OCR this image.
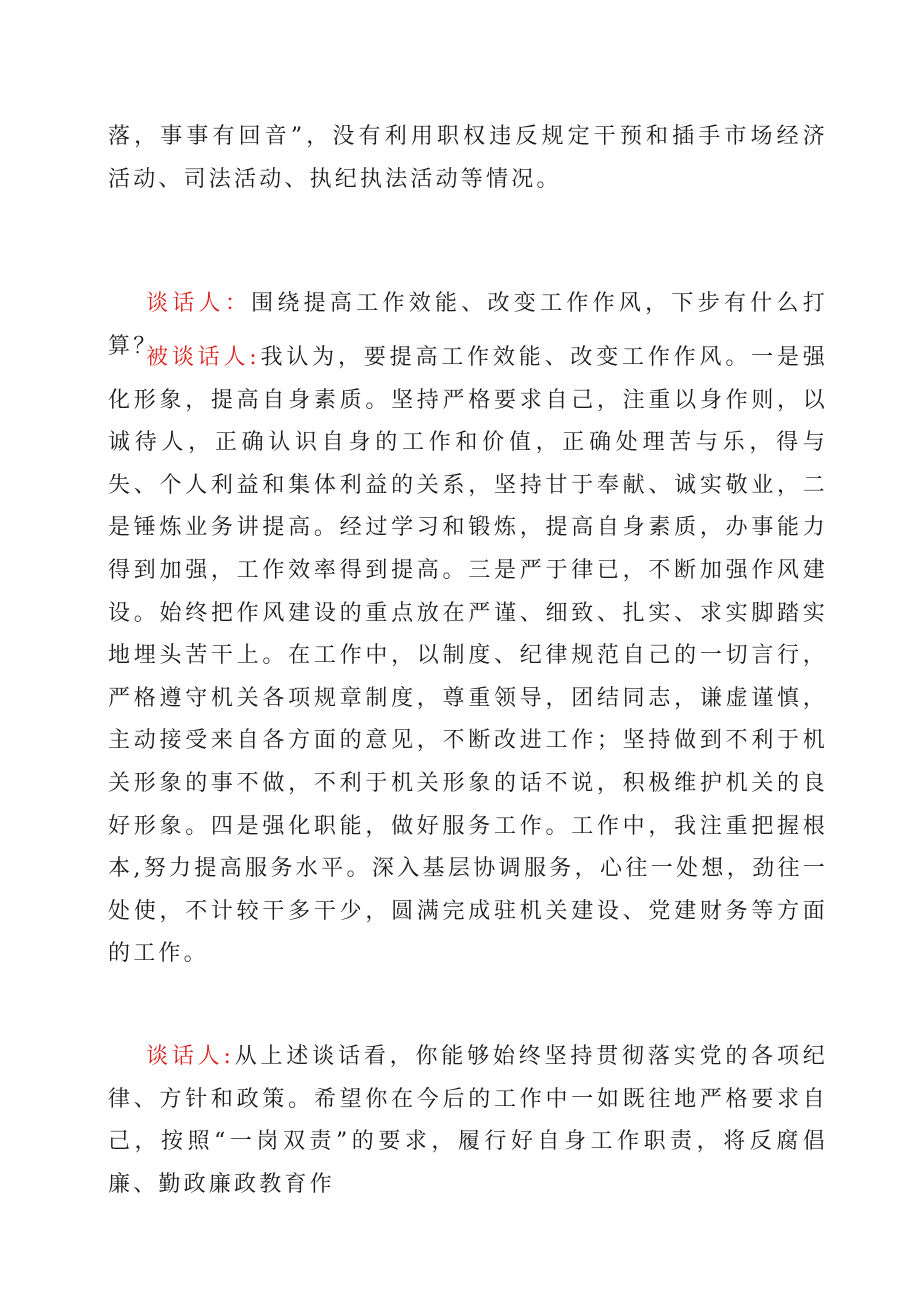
落，事事有回音”，没有利用职权违反规定干预和插手市场经济活动、司法活动、执纪执法活动等情况。

谈话人：围绕提高工作效能、改变工作作风，下步有什么打算？

被谈话人:我认为，要提高工作效能、改变工作作风。一是强化形象，提高自身素质。坚持严格要求自己，注重以身作则，以诚待人，正确认识自身的工作和价值，正确处理苦与乐，得与失、个人利益和集体利益的关系，坚持甘于奉献、诚实敬业，二是锤炼业务讲提高。经过学习和锻炼，提高自身素质，办事能力得到加强，工作效率得到提高。三是严于律已，不断加强作风建设。始终把作风建设的重点放在严谨、细致、扎实、求实脚踏实地埋头苦干上。在工作中，以制度、纪律规范自己的一切言行，严格遵守机关各项规章制度，尊重领导，团结同志，谦虚谨慎，主动接受来自各方面的意见，不断改进工作；坚持做到不利于机关形象的事不做，不利于机关形象的话不说，积极维护机关的良好形象。四是强化职能，做好服务工作。工作中，我注重把握根本,努力提高服务水平。深入基层协调服务，心往一处想，劲往一处使，不计较干多干少，圆满完成驻机关建设、党建财务等方面的工作。

谈话人:从上述谈话看，你能够始终坚持贯彻落实党的各项纪律、方针和政策。希望你在今后的工作中一如既往地严格要求自己，按照“一岗双责”的要求，履行好自身工作职责，将反腐倡廉、勤政廉政教育作
